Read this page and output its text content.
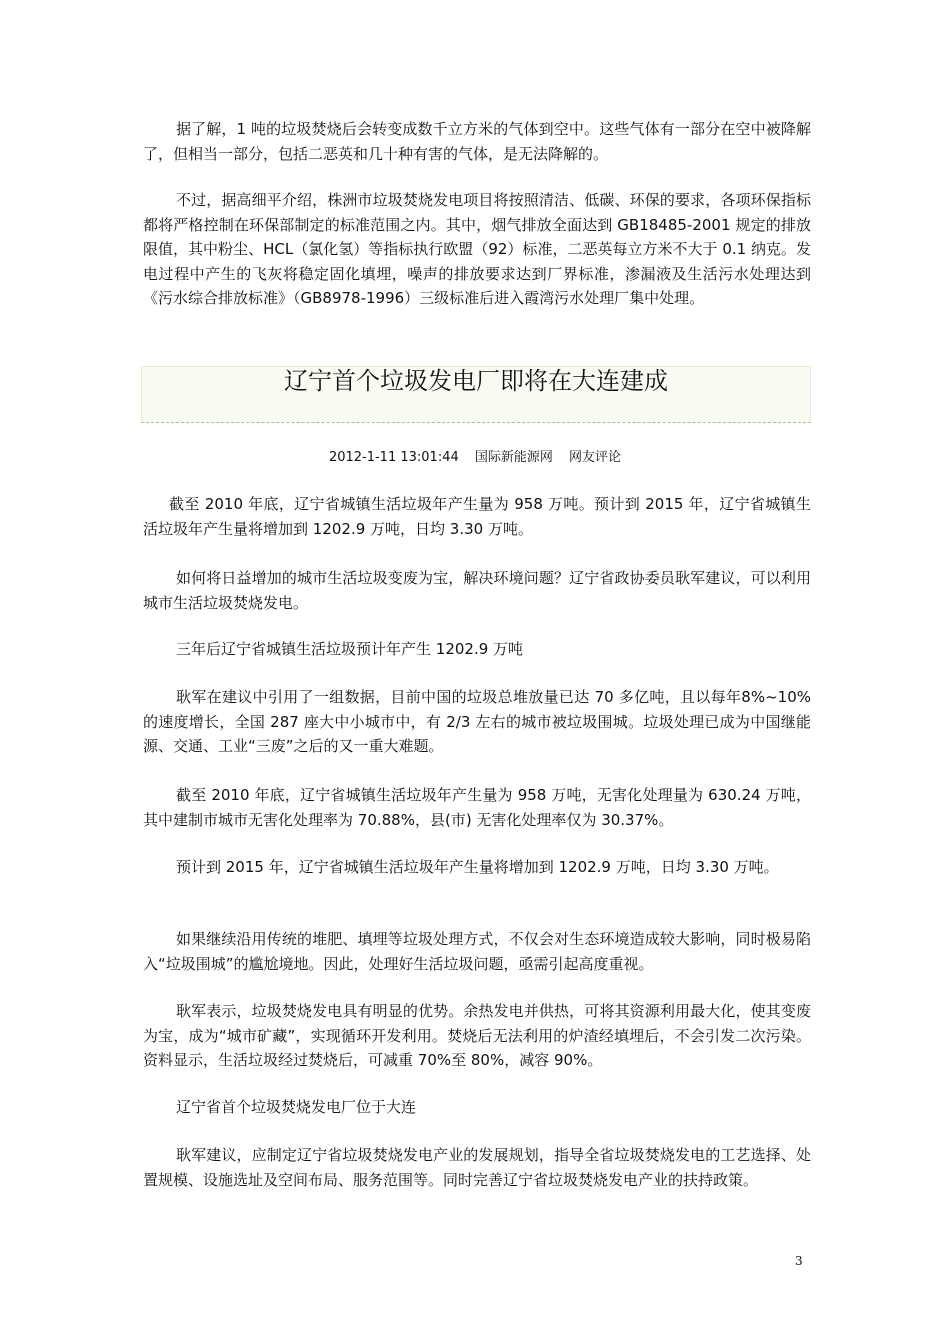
据了解，1 吨的垃圾焚烧后会转变成数千立方米的气体到空中。这些气体有一部分在空中被降解了，但相当一部分，包括二恶英和几十种有害的气体，是无法降解的。

不过，据高细平介绍，株洲市垃圾焚烧发电项目将按照清洁、低碳、环保的要求，各项环保指标都将严格控制在环保部制定的标准范围之内。其中，烟气排放全面达到 GB18485-2001 规定的排放限值，其中粉尘、HCL（氯化氢）等指标执行欧盟（92）标准，二恶英每立方米不大于 0.1 纳克。发电过程中产生的飞灰将稳定固化填埋，噪声的排放要求达到厂界标准，渗漏液及生活污水处理达到《污水综合排放标准》（GB8978-1996）三级标准后进入霞湾污水处理厂集中处理。

辽宁首个垃圾发电厂即将在大连建成
2012-1-11 13:01:44 国际新能源网 网友评论

截至 2010 年底，辽宁省城镇生活垃圾年产生量为 958 万吨。预计到 2015 年，辽宁省城镇生活垃圾年产生量将增加到 1202.9 万吨，日均 3.30 万吨。

如何将日益增加的城市生活垃圾变废为宝，解决环境问题？辽宁省政协委员耿军建议，可以利用城市生活垃圾焚烧发电。

三年后辽宁省城镇生活垃圾预计年产生 1202.9 万吨

耿军在建议中引用了一组数据，目前中国的垃圾总堆放量已达 70 多亿吨，且以每年8%~10%的速度增长，全国 287 座大中小城市中，有 2/3 左右的城市被垃圾围城。垃圾处理已成为中国继能源、交通、工业“三废”之后的又一重大难题。

截至 2010 年底，辽宁省城镇生活垃圾年产生量为 958 万吨，无害化处理量为 630.24 万吨，其中建制市城市无害化处理率为 70.88%，县(市) 无害化处理率仅为 30.37%。

预计到 2015 年，辽宁省城镇生活垃圾年产生量将增加到 1202.9 万吨，日均 3.30 万吨。

如果继续沿用传统的堆肥、填埋等垃圾处理方式，不仅会对生态环境造成较大影响，同时极易陷入“垃圾围城”的尴尬境地。因此，处理好生活垃圾问题，亟需引起高度重视。

耿军表示，垃圾焚烧发电具有明显的优势。余热发电并供热，可将其资源利用最大化，使其变废为宝，成为“城市矿藏”，实现循环开发利用。焚烧后无法利用的炉渣经填埋后，不会引发二次污染。资料显示，生活垃圾经过焚烧后，可减重 70%至 80%，减容 90%。

辽宁省首个垃圾焚烧发电厂位于大连

耿军建议，应制定辽宁省垃圾焚烧发电产业的发展规划，指导全省垃圾焚烧发电的工艺选择、处置规模、设施选址及空间布局、服务范围等。同时完善辽宁省垃圾焚烧发电产业的扶持政策。

3
